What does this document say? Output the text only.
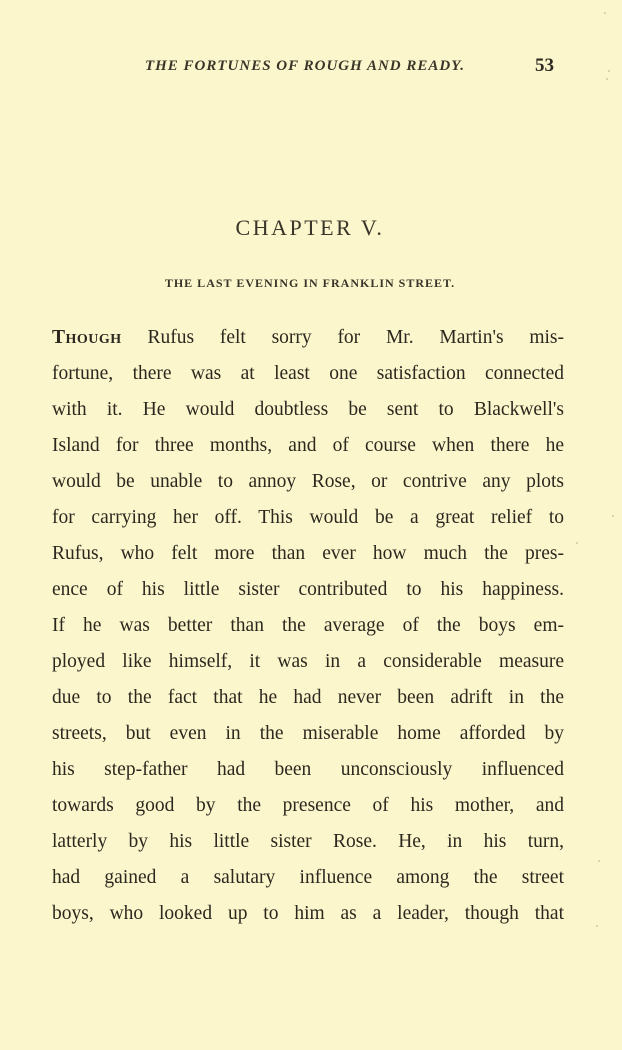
THE FORTUNES OF ROUGH AND READY.	53
CHAPTER V.
THE LAST EVENING IN FRANKLIN STREET.
Though Rufus felt sorry for Mr. Martin's mis-
fortune, there was at least one satisfaction connected
with it. He would doubtless be sent to Blackwell's
Island for three months, and of course when there he
would be unable to annoy Rose, or contrive any plots
for carrying her off. This would be a great relief to
Rufus, who felt more than ever how much the pres-
ence of his little sister contributed to his happiness.
If he was better than the average of the boys em-
ployed like himself, it was in a considerable measure
due to the fact that he had never been adrift in the
streets, but even in the miserable home afforded by
his step-father had been unconsciously influenced
towards good by the presence of his mother, and
latterly by his little sister Rose. He, in his turn,
had gained a salutary influence among the street
boys, who looked up to him as a leader, though that
